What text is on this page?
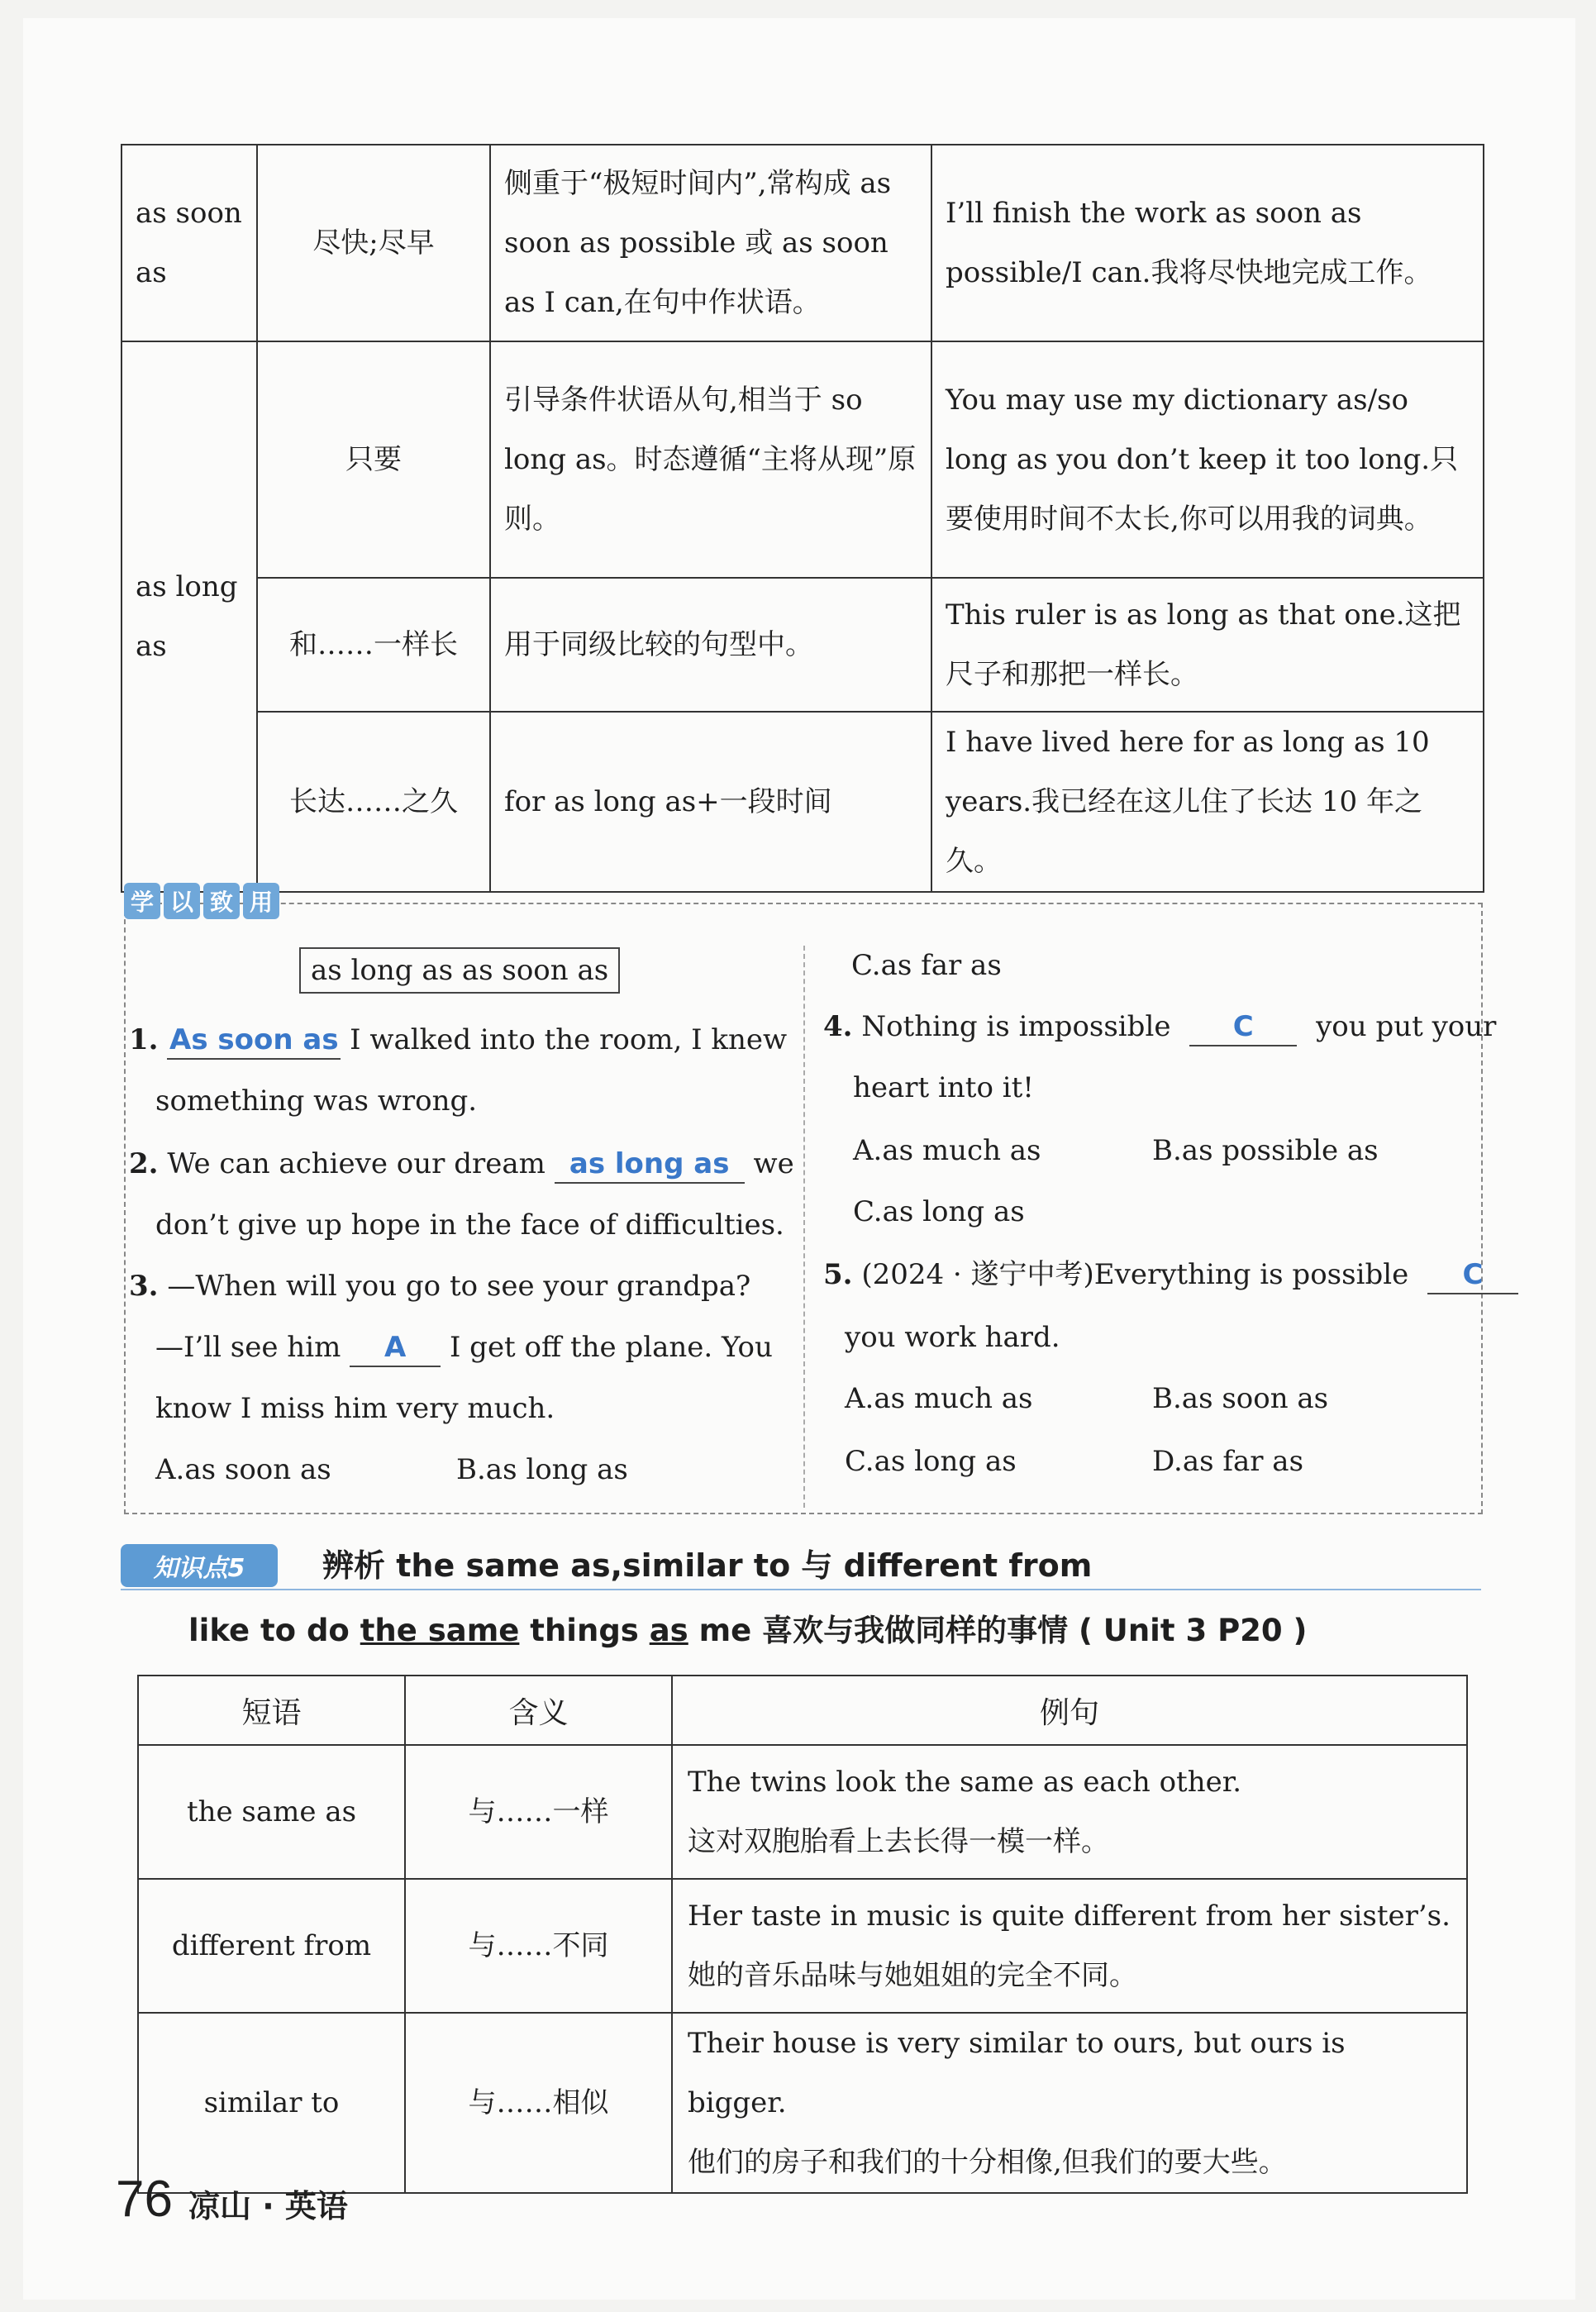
as soon as	尽快;尽早	侧重于“极短时间内”,常构成 as soon as possible 或 as soon as I can,在句中作状语。	I’ll finish the work as soon as possible/I can.我将尽快地完成工作。
as long as	只要	引导条件状语从句,相当于 so long as。时态遵循“主将从现”原则。	You may use my dictionary as/so long as you don’t keep it too long.只要使用时间不太长,你可以用我的词典。
	和……一样长	用于同级比较的句型中。	This ruler is as long as that one.这把尺子和那把一样长。
	长达……之久	for as long as+一段时间	I have lived here for as long as 10 years.我已经在这儿住了长达 10 年之久。
学 以 致 用
as long as as soon as
1. As soon as I walked into the room, I knew
something was wrong.
2. We can achieve our dream as long as we
don’t give up hope in the face of difficulties.
3. —When will you go to see your grandpa?
—I’ll see him A I get off the plane. You
know I miss him very much.
A.as soon as	B.as long as
C.as far as
4. Nothing is impossible C you put your
heart into it!
A.as much as	B.as possible as
C.as long as
5. (2024 · 遂宁中考)Everything is possible C
you work hard.
A.as much as	B.as soon as
C.as long as	D.as far as
知识点5	辨析 the same as,similar to 与 different from
like to do the same things as me 喜欢与我做同样的事情 ( Unit 3 P20 )
短语	含义	例句
the same as	与……一样	The twins look the same as each other.
这对双胞胎看上去长得一模一样。

different from	与……不同	Her taste in music is quite different from her sister’s.
她的音乐品味与她姐姐的完全不同。

similar to	与……相似	Their house is very similar to ours, but ours is bigger.
他们的房子和我们的十分相像,但我们的要大些。
76 凉山 · 英语
